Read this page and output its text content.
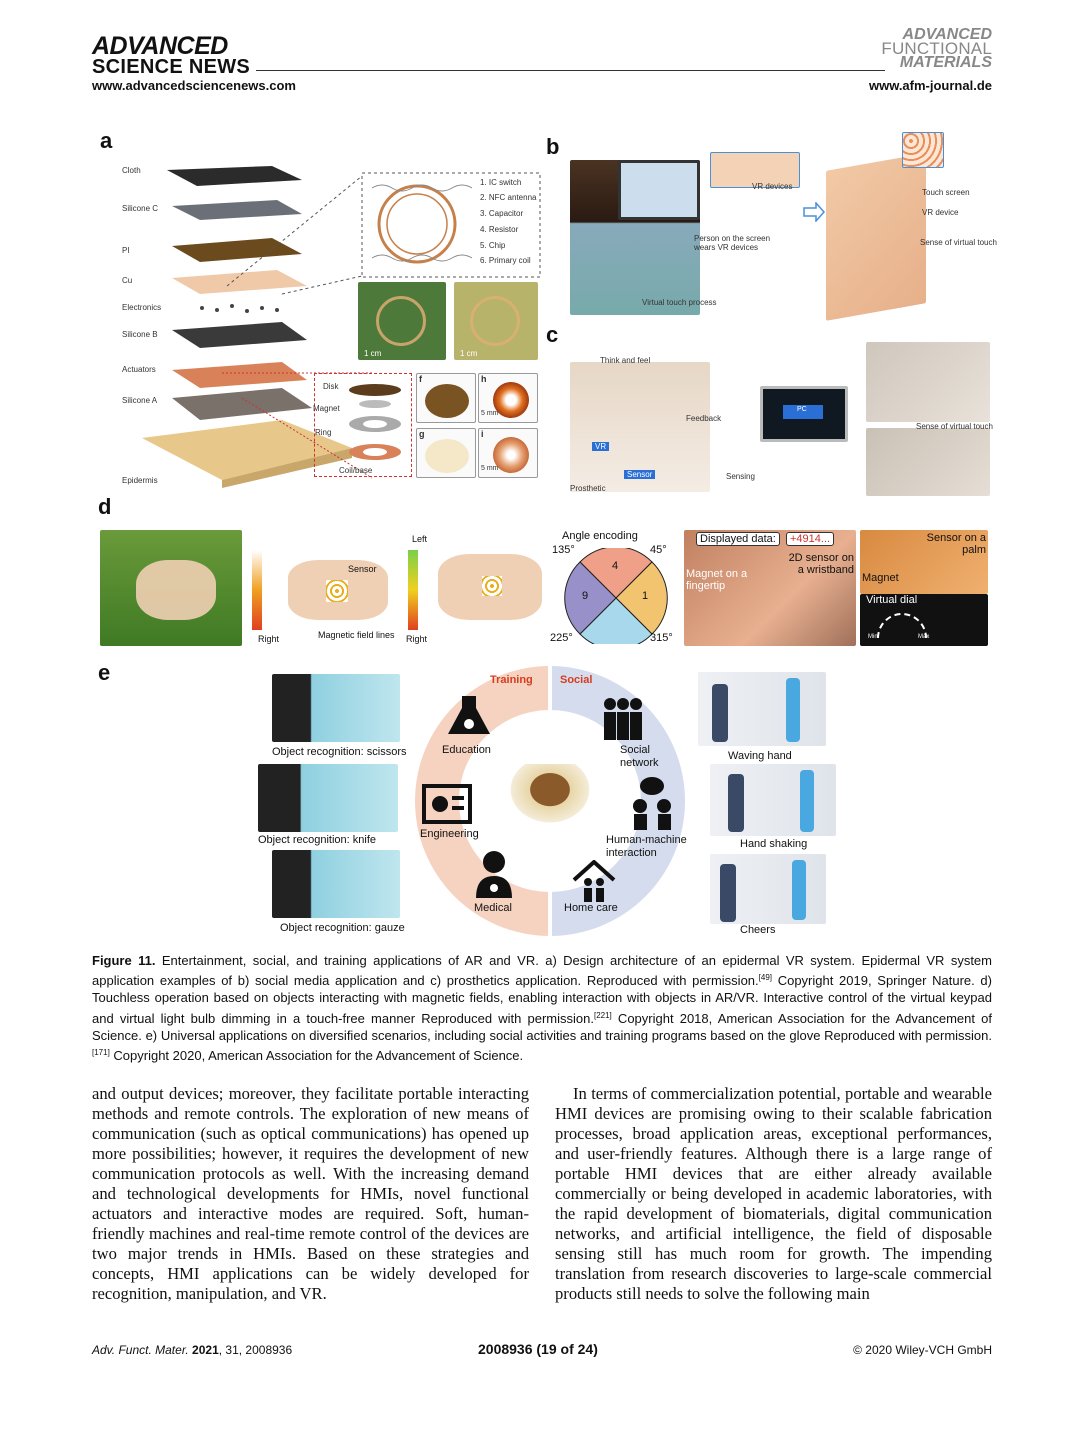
ADVANCED
SCIENCE NEWS
www.advancedsciencenews.com
ADVANCED
FUNCTIONAL
MATERIALS
www.afm-journal.de
a
Cloth
Silicone C
PI
Cu
Electronics
Silicone B
Actuators
Silicone A
Epidermis
1. IC switch
2. NFC antenna
3. Capacitor
4. Resistor
5. Chip
6. Primary coil
1 cm	1 cm
Disk
Magnet
Ring
Coil/base
f	h
5 mm
g	i
5 mm
b
VR devices
Person on the screen wears VR devices
Virtual touch process
Touch screen
VR device
Sense of virtual touch
c
Think and feel
Feedback
PC
VR
Sensor	Sensing
Prosthetic
Sense of virtual touch
d
Sensor
Right	Magnetic field lines
Left
Right
Angle encoding
135°	45°
225°	315°
4
9	1
Displayed data:	+4914...
2D sensor on a wristband
Magnet on a fingertip
Sensor on a palm
Magnet
Virtual dial
Min	Max
e
Object recognition: scissors
Object recognition: knife
Object recognition: gauze
Training Social
Education
Engineering
Medical
Social network
Human-machine interaction
Home care
Waving hand
Hand shaking
Cheers
Figure 11. Entertainment, social, and training applications of AR and VR. a) Design architecture of an epidermal VR system. Epidermal VR system application examples of b) social media application and c) prosthetics application. Reproduced with permission.[49] Copyright 2019, Springer Nature. d) Touchless operation based on objects interacting with magnetic fields, enabling interaction with objects in AR/VR. Interactive control of the virtual keypad and virtual light bulb dimming in a touch-free manner Reproduced with permission.[221] Copyright 2018, American Association for the Advancement of Science. e) Universal applications on diversified scenarios, including social activities and training programs based on the glove Reproduced with permission.[171] Copyright 2020, American Association for the Advancement of Science.
and output devices; moreover, they facilitate portable interacting methods and remote controls. The exploration of new means of communication (such as optical communications) has opened up more possibilities; however, it requires the development of new communication protocols as well. With the increasing demand and technological developments for HMIs, novel functional actuators and interactive modes are required. Soft, human-friendly machines and real-time remote control of the devices are two major trends in HMIs. Based on these strategies and concepts, HMI applications can be widely developed for recognition, manipulation, and VR.
In terms of commercialization potential, portable and wearable HMI devices are promising owing to their scalable fabrication processes, broad application areas, exceptional performances, and user-friendly features. Although there is a large range of portable HMI devices that are either already available commercially or being developed in academic laboratories, with the rapid development of biomaterials, digital communication networks, and artificial intelligence, the field of disposable sensing still has much room for growth. The impending translation from research discoveries to large-scale commercial products still needs to solve the following main
Adv. Funct. Mater. 2021, 31, 2008936	2008936 (19 of 24)	© 2020 Wiley-VCH GmbH
